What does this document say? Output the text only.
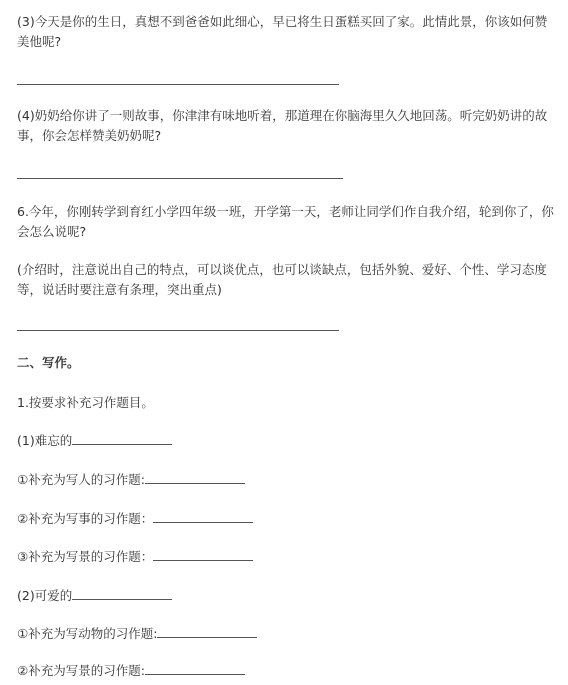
(3)今天是你的生日，真想不到爸爸如此细心，早已将生日蛋糕买回了家。此情此景，你该如何赞美他呢?
(4)奶奶给你讲了一则故事，你津津有味地听着，那道理在你脑海里久久地回荡。听完奶奶讲的故事，你会怎样赞美奶奶呢?
6.今年，你刚转学到育红小学四年级一班，开学第一天，老师让同学们作自我介绍，轮到你了，你会怎么说呢?
(介绍时，注意说出自己的特点，可以谈优点，也可以谈缺点，包括外貌、爱好、个性、学习态度等，说话时要注意有条理，突出重点)
二、写作。
1.按要求补充习作题目。
(1)难忘的
①补充为写人的习作题:
②补充为写事的习作题：
③补充为写景的习作题：
(2)可爱的
①补充为写动物的习作题:
②补充为写景的习作题:
